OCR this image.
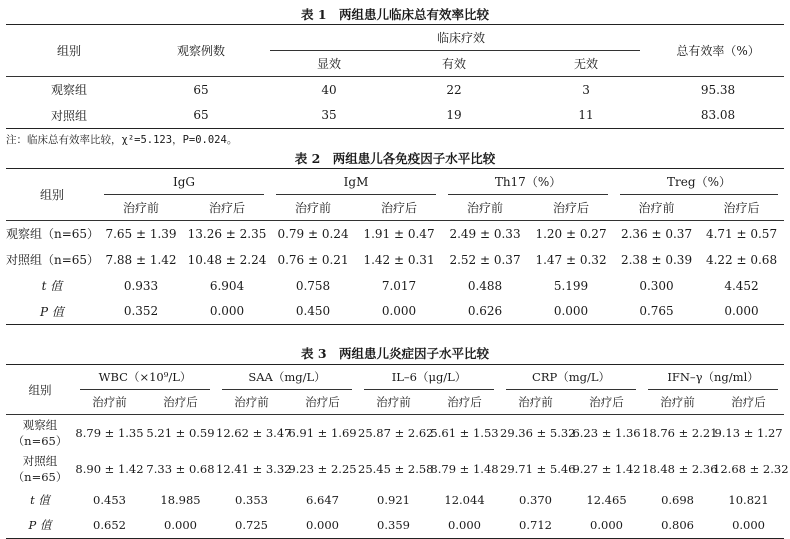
表 1　两组患儿临床总有效率比较
组别	观察例数	临床疗效			总有效率（%）
		显效	有效	无效	
观察组	65	40	22	3	95.38
对照组	65	35	19	11	83.08
注：临床总有效率比较，χ²=5.123，P=0.024。
表 2　两组患儿各免疫因子水平比较
组别	IgG		IgM		Th17（%）		Treg（%）	

	治疗前	治疗后	治疗前	治疗后	治疗前	治疗后	治疗前	治疗后
观察组（n=65）	7.65 ± 1.39	13.26 ± 2.35	0.79 ± 0.24	1.91 ± 0.47	2.49 ± 0.33	1.20 ± 0.27	2.36 ± 0.37	4.71 ± 0.57
对照组（n=65）	7.88 ± 1.42	10.48 ± 2.24	0.76 ± 0.21	1.42 ± 0.31	2.52 ± 0.37	1.47 ± 0.32	2.38 ± 0.39	4.22 ± 0.68
t 值	0.933	6.904	0.758	7.017	0.488	5.199	0.300	4.452
P 值	0.352	0.000	0.450	0.000	0.626	0.000	0.765	0.000
表 3　两组患儿炎症因子水平比较
组别	WBC（×10⁹/L）		SAA（mg/L）		IL–6（μg/L）		CRP（mg/L）		IFN–γ（ng/ml）	

	治疗前	治疗后	治疗前	治疗后	治疗前	治疗后	治疗前	治疗后	治疗前	治疗后
观察组
（n=65）	8.79 ± 1.35	5.21 ± 0.59	12.62 ± 3.47	6.91 ± 1.69	25.87 ± 2.62	5.61 ± 1.53	29.36 ± 5.32	6.23 ± 1.36	18.76 ± 2.21	9.13 ± 1.27
对照组
（n=65）	8.90 ± 1.42	7.33 ± 0.68	12.41 ± 3.32	9.23 ± 2.25	25.45 ± 2.58	8.79 ± 1.48	29.71 ± 5.46	9.27 ± 1.42	18.48 ± 2.36	12.68 ± 2.32
t 值	0.453	18.985	0.353	6.647	0.921	12.044	0.370	12.465	0.698	10.821
P 值	0.652	0.000	0.725	0.000	0.359	0.000	0.712	0.000	0.806	0.000
